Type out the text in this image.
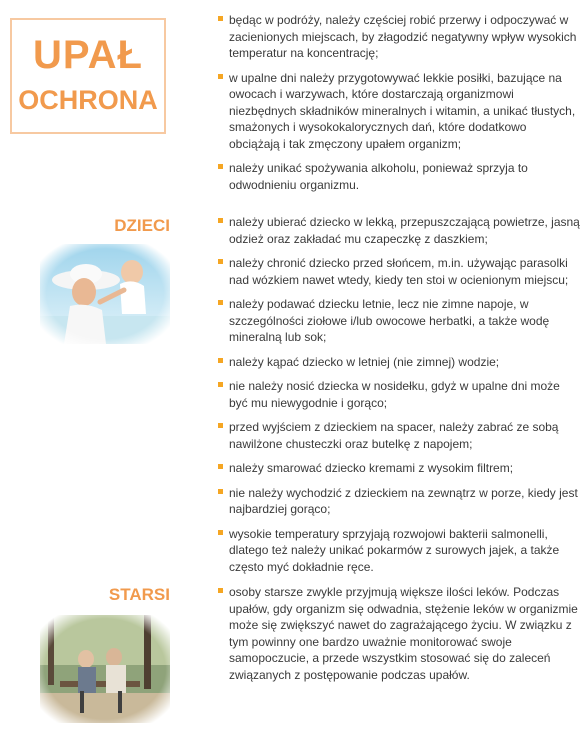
UPAŁ
OCHRONA
będąc w podróży, należy częściej robić przerwy i odpoczywać w zacienionych miejscach, by złagodzić negatywny wpływ wysokich temperatur na koncentrację;
w upalne dni należy przygotowywać lekkie posiłki, bazujące na owocach i warzywach, które dostarczają organizmowi niezbędnych składników mineralnych i witamin, a unikać tłustych, smażonych i wysokokalorycznych dań, które dodatkowo obciążają i tak zmęczony upałem organizm;
należy unikać spożywania alkoholu, ponieważ sprzyja to odwodnieniu organizmu.
DZIECI	należy ubierać dziecko w lekką, przepuszczającą powietrze, jasną odzież oraz zakładać mu czapeczkę z daszkiem;
należy chronić dziecko przed słońcem, m.in. używając parasolki nad wózkiem nawet wtedy, kiedy ten stoi w ocienionym miejscu;
należy podawać dziecku letnie, lecz nie zimne napoje, w szczególności ziołowe i/lub owocowe herbatki, a także wodę mineralną lub sok;
należy kąpać dziecko w letniej (nie zimnej) wodzie;
nie należy nosić dziecka w nosidełku, gdyż w upalne dni może być mu niewygodnie i gorąco;
przed wyjściem z dzieckiem na spacer, należy zabrać ze sobą nawilżone chusteczki oraz butelkę z napojem;
należy smarować dziecko kremami z wysokim filtrem;
nie należy wychodzić z dzieckiem na zewnątrz w porze, kiedy jest najbardziej gorąco;
wysokie temperatury sprzyjają rozwojowi bakterii salmonelli, dlatego też należy unikać pokarmów z surowych jajek, a także często myć dokładnie ręce.
STARSI	osoby starsze zwykle przyjmują większe ilości leków. Podczas upałów, gdy organizm się odwadnia, stężenie leków w organizmie może się zwiększyć nawet do zagrażającego życiu. W związku z tym powinny one bardzo uważnie monitorować swoje samopoczucie, a przede wszystkim stosować się do zaleceń związanych z postępowanie podczas upałów.
